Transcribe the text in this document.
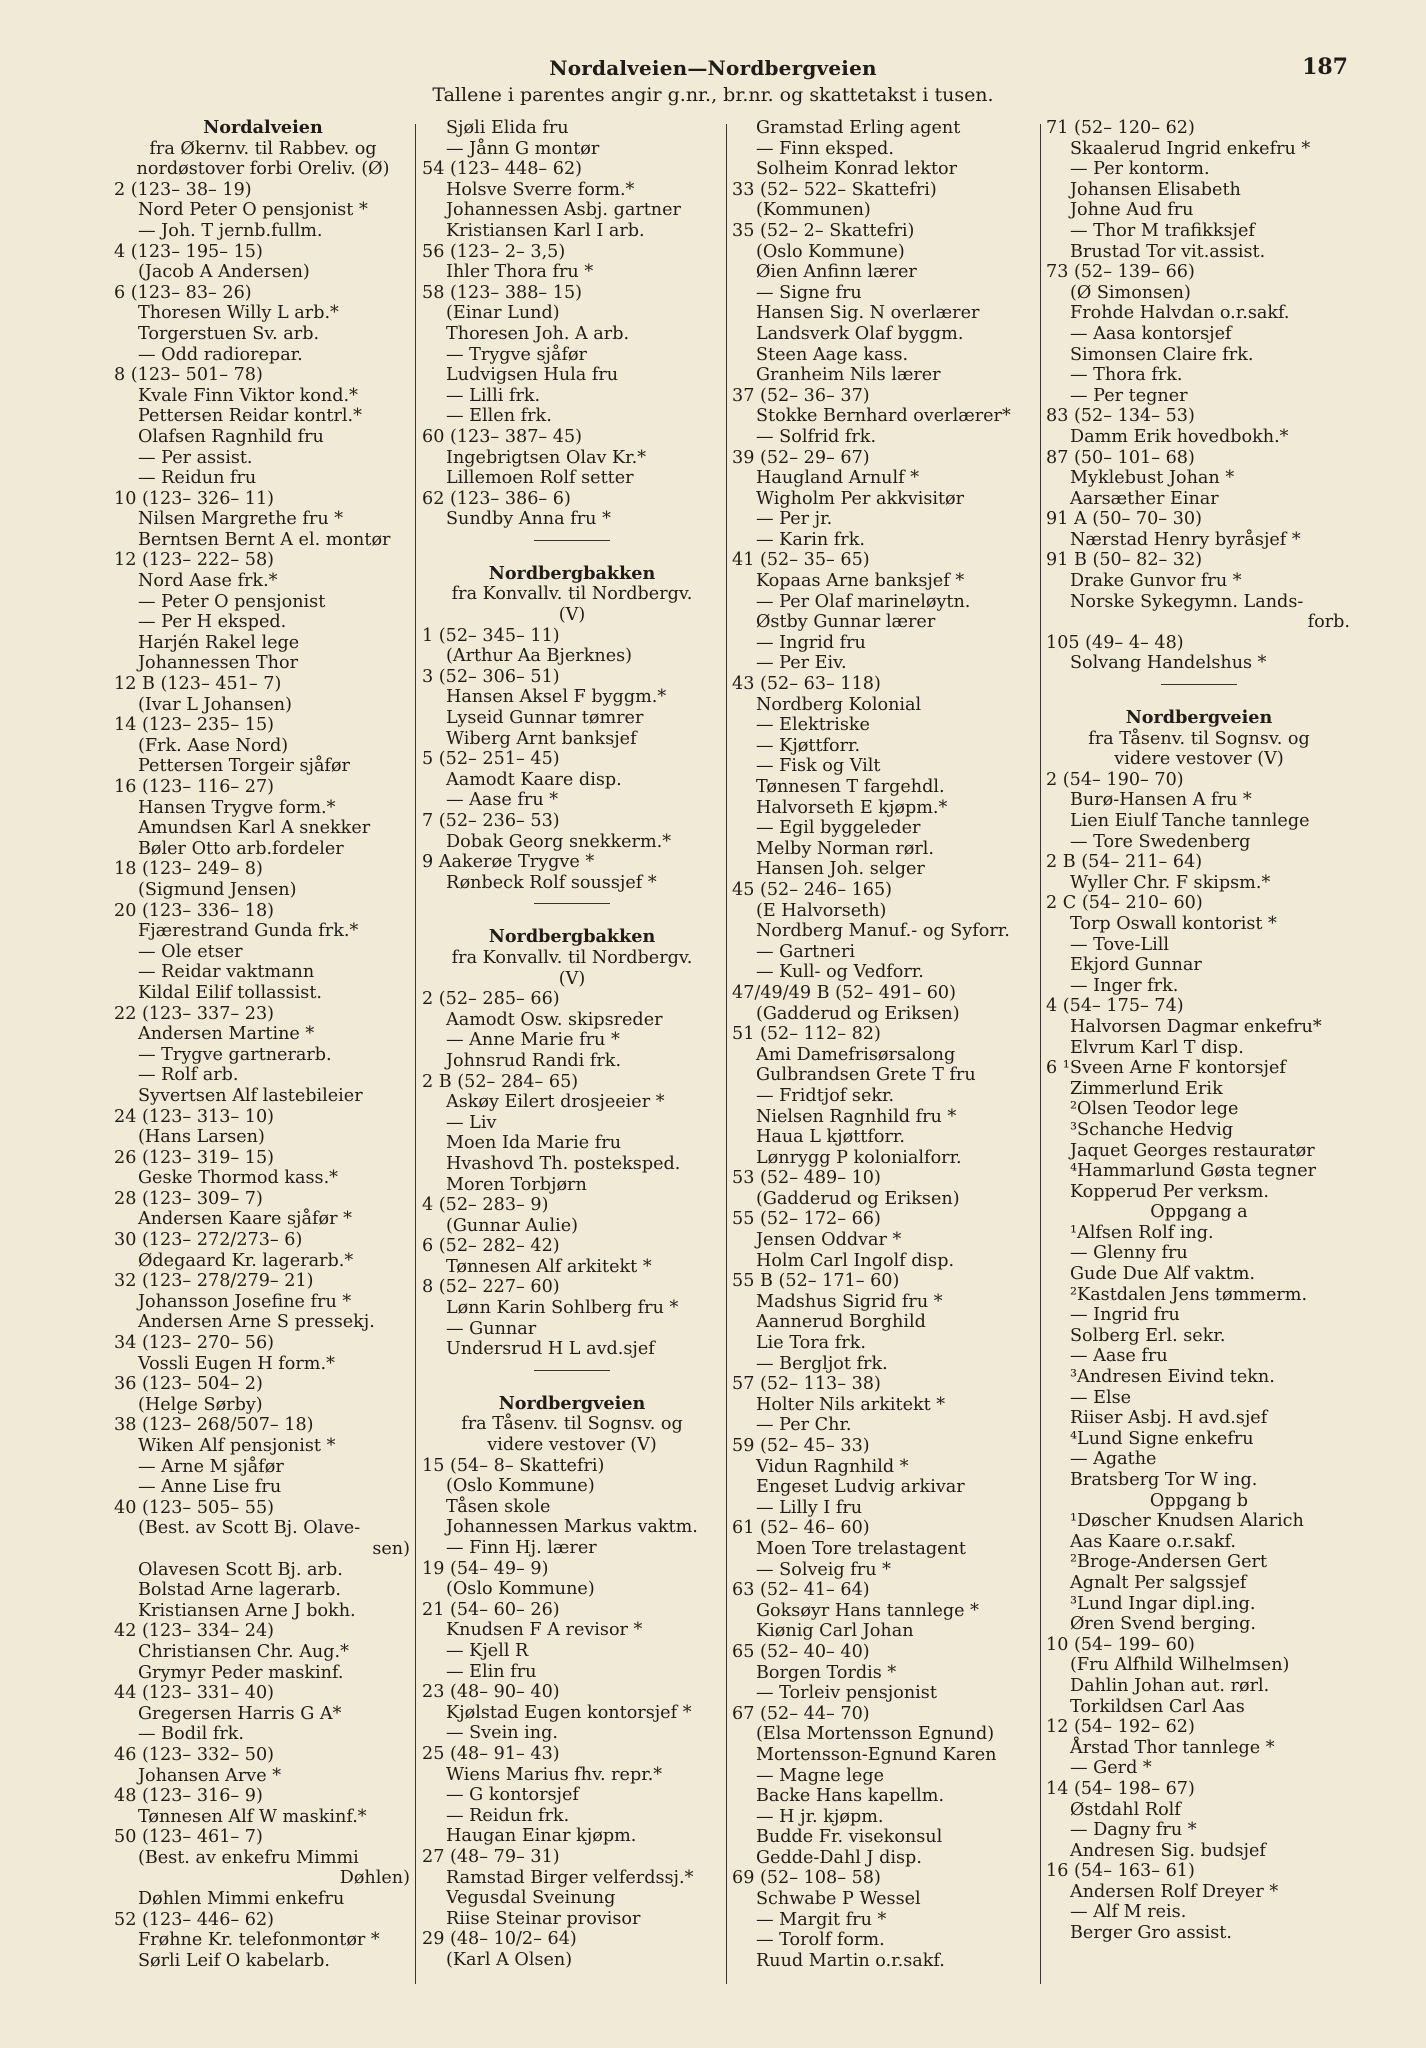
Nordalveien—Nordbergveien	187
Tallene i parentes angir g.nr., br.nr. og skattetakst i tusen.
Nordalveien
fra Økernv. til Rabbev. og
nordøstover forbi Oreliv. (Ø)
2 (123– 38– 19)
Nord Peter O pensjonist *
— Joh. T jernb.fullm.
4 (123– 195– 15)
(Jacob A Andersen)
6 (123– 83– 26)
Thoresen Willy L arb.*
Torgerstuen Sv. arb.
— Odd radiorepar.
8 (123– 501– 78)
Kvale Finn Viktor kond.*
Pettersen Reidar kontrl.*
Olafsen Ragnhild fru
— Per assist.
— Reidun fru
10 (123– 326– 11)
Nilsen Margrethe fru *
Berntsen Bernt A el. montør
12 (123– 222– 58)
Nord Aase frk.*
— Peter O pensjonist
— Per H eksped.
Harjén Rakel lege
Johannessen Thor
12 B (123– 451– 7)
(Ivar L Johansen)
14 (123– 235– 15)
(Frk. Aase Nord)
Pettersen Torgeir sjåfør
16 (123– 116– 27)
Hansen Trygve form.*
Amundsen Karl A snekker
Bøler Otto arb.fordeler
18 (123– 249– 8)
(Sigmund Jensen)
20 (123– 336– 18)
Fjærestrand Gunda frk.*
— Ole etser
— Reidar vaktmann
Kildal Eilif tollassist.
22 (123– 337– 23)
Andersen Martine *
— Trygve gartnerarb.
— Rolf arb.
Syvertsen Alf lastebileier
24 (123– 313– 10)
(Hans Larsen)
26 (123– 319– 15)
Geske Thormod kass.*
28 (123– 309– 7)
Andersen Kaare sjåfør *
30 (123– 272/273– 6)
Ødegaard Kr. lagerarb.*
32 (123– 278/279– 21)
Johansson Josefine fru *
Andersen Arne S pressekj.
34 (123– 270– 56)
Vossli Eugen H form.*
36 (123– 504– 2)
(Helge Sørby)
38 (123– 268/507– 18)
Wiken Alf pensjonist *
— Arne M sjåfør
— Anne Lise fru
40 (123– 505– 55)
(Best. av Scott Bj. Olave-
sen)
Olavesen Scott Bj. arb.
Bolstad Arne lagerarb.
Kristiansen Arne J bokh.
42 (123– 334– 24)
Christiansen Chr. Aug.*
Grymyr Peder maskinf.
44 (123– 331– 40)
Gregersen Harris G A*
— Bodil frk.
46 (123– 332– 50)
Johansen Arve *
48 (123– 316– 9)
Tønnesen Alf W maskinf.*
50 (123– 461– 7)
(Best. av enkefru Mimmi
Døhlen)
Døhlen Mimmi enkefru
52 (123– 446– 62)
Frøhne Kr. telefonmontør *
Sørli Leif O kabelarb.
Sjøli Elida fru
— Jånn G montør
54 (123– 448– 62)
Holsve Sverre form.*
Johannessen Asbj. gartner
Kristiansen Karl I arb.
56 (123– 2– 3,5)
Ihler Thora fru *
58 (123– 388– 15)
(Einar Lund)
Thoresen Joh. A arb.
— Trygve sjåfør
Ludvigsen Hula fru
— Lilli frk.
— Ellen frk.
60 (123– 387– 45)
Ingebrigtsen Olav Kr.*
Lillemoen Rolf setter
62 (123– 386– 6)
Sundby Anna fru *
Nordbergbakken
fra Konvallv. til Nordbergv.
(V)
1 (52– 345– 11)
(Arthur Aa Bjerknes)
3 (52– 306– 51)
Hansen Aksel F byggm.*
Lyseid Gunnar tømrer
Wiberg Arnt banksjef
5 (52– 251– 45)
Aamodt Kaare disp.
— Aase fru *
7 (52– 236– 53)
Dobak Georg snekkerm.*
9 Aakerøe Trygve *
Rønbeck Rolf soussjef *
Nordbergbakken
fra Konvallv. til Nordbergv.
(V)
2 (52– 285– 66)
Aamodt Osw. skipsreder
— Anne Marie fru *
Johnsrud Randi frk.
2 B (52– 284– 65)
Askøy Eilert drosjeeier *
— Liv
Moen Ida Marie fru
Hvashovd Th. posteksped.
Moren Torbjørn
4 (52– 283– 9)
(Gunnar Aulie)
6 (52– 282– 42)
Tønnesen Alf arkitekt *
8 (52– 227– 60)
Lønn Karin Sohlberg fru *
— Gunnar
Undersrud H L avd.sjef
Nordbergveien
fra Tåsenv. til Sognsv. og
videre vestover (V)
15 (54– 8– Skattefri)
(Oslo Kommune)
Tåsen skole
Johannessen Markus vaktm.
— Finn Hj. lærer
19 (54– 49– 9)
(Oslo Kommune)
21 (54– 60– 26)
Knudsen F A revisor *
— Kjell R
— Elin fru
23 (48– 90– 40)
Kjølstad Eugen kontorsjef *
— Svein ing.
25 (48– 91– 43)
Wiens Marius fhv. repr.*
— G kontorsjef
— Reidun frk.
Haugan Einar kjøpm.
27 (48– 79– 31)
Ramstad Birger velferdssj.*
Vegusdal Sveinung
Riise Steinar provisor
29 (48– 10/2– 64)
(Karl A Olsen)
Gramstad Erling agent
— Finn eksped.
Solheim Konrad lektor
33 (52– 522– Skattefri)
(Kommunen)
35 (52– 2– Skattefri)
(Oslo Kommune)
Øien Anfinn lærer
— Signe fru
Hansen Sig. N overlærer
Landsverk Olaf byggm.
Steen Aage kass.
Granheim Nils lærer
37 (52– 36– 37)
Stokke Bernhard overlærer*
— Solfrid frk.
39 (52– 29– 67)
Haugland Arnulf *
Wigholm Per akkvisitør
— Per jr.
— Karin frk.
41 (52– 35– 65)
Kopaas Arne banksjef *
— Per Olaf marineløytn.
Østby Gunnar lærer
— Ingrid fru
— Per Eiv.
43 (52– 63– 118)
Nordberg Kolonial
— Elektriske
— Kjøttforr.
— Fisk og Vilt
Tønnesen T fargehdl.
Halvorseth E kjøpm.*
— Egil byggeleder
Melby Norman rørl.
Hansen Joh. selger
45 (52– 246– 165)
(E Halvorseth)
Nordberg Manuf.- og Syforr.
— Gartneri
— Kull- og Vedforr.
47/49/49 B (52– 491– 60)
(Gadderud og Eriksen)
51 (52– 112– 82)
Ami Damefrisørsalong
Gulbrandsen Grete T fru
— Fridtjof sekr.
Nielsen Ragnhild fru *
Haua L kjøttforr.
Lønrygg P kolonialforr.
53 (52– 489– 10)
(Gadderud og Eriksen)
55 (52– 172– 66)
Jensen Oddvar *
Holm Carl Ingolf disp.
55 B (52– 171– 60)
Madshus Sigrid fru *
Aannerud Borghild
Lie Tora frk.
— Bergljot frk.
57 (52– 113– 38)
Holter Nils arkitekt *
— Per Chr.
59 (52– 45– 33)
Vidun Ragnhild *
Engeset Ludvig arkivar
— Lilly I fru
61 (52– 46– 60)
Moen Tore trelastagent
— Solveig fru *
63 (52– 41– 64)
Goksøyr Hans tannlege *
Kiønig Carl Johan
65 (52– 40– 40)
Borgen Tordis *
— Torleiv pensjonist
67 (52– 44– 70)
(Elsa Mortensson Egnund)
Mortensson-Egnund Karen
— Magne lege
Backe Hans kapellm.
— H jr. kjøpm.
Budde Fr. visekonsul
Gedde-Dahl J disp.
69 (52– 108– 58)
Schwabe P Wessel
— Margit fru *
— Torolf form.
Ruud Martin o.r.sakf.
71 (52– 120– 62)
Skaalerud Ingrid enkefru *
— Per kontorm.
Johansen Elisabeth
Johne Aud fru
— Thor M trafikksjef
Brustad Tor vit.assist.
73 (52– 139– 66)
(Ø Simonsen)
Frohde Halvdan o.r.sakf.
— Aasa kontorsjef
Simonsen Claire frk.
— Thora frk.
— Per tegner
83 (52– 134– 53)
Damm Erik hovedbokh.*
87 (50– 101– 68)
Myklebust Johan *
Aarsæther Einar
91 A (50– 70– 30)
Nærstad Henry byråsjef *
91 B (50– 82– 32)
Drake Gunvor fru *
Norske Sykegymn. Lands-
forb.
105 (49– 4– 48)
Solvang Handelshus *
Nordbergveien
fra Tåsenv. til Sognsv. og
videre vestover (V)
2 (54– 190– 70)
Burø-Hansen A fru *
Lien Eiulf Tanche tannlege
— Tore Swedenberg
2 B (54– 211– 64)
Wyller Chr. F skipsm.*
2 C (54– 210– 60)
Torp Oswall kontorist *
— Tove-Lill
Ekjord Gunnar
— Inger frk.
4 (54– 175– 74)
Halvorsen Dagmar enkefru*
Elvrum Karl T disp.
6 ¹Sveen Arne F kontorsjef
Zimmerlund Erik
²Olsen Teodor lege
³Schanche Hedvig
Jaquet Georges restauratør
⁴Hammarlund Gøsta tegner
Kopperud Per verksm.
Oppgang a
¹Alfsen Rolf ing.
— Glenny fru
Gude Due Alf vaktm.
²Kastdalen Jens tømmerm.
— Ingrid fru
Solberg Erl. sekr.
— Aase fru
³Andresen Eivind tekn.
— Else
Riiser Asbj. H avd.sjef
⁴Lund Signe enkefru
— Agathe
Bratsberg Tor W ing.
Oppgang b
¹Døscher Knudsen Alarich
Aas Kaare o.r.sakf.
²Broge-Andersen Gert
Agnalt Per salgssjef
³Lund Ingar dipl.ing.
Øren Svend berging.
10 (54– 199– 60)
(Fru Alfhild Wilhelmsen)
Dahlin Johan aut. rørl.
Torkildsen Carl Aas
12 (54– 192– 62)
Årstad Thor tannlege *
— Gerd *
14 (54– 198– 67)
Østdahl Rolf
— Dagny fru *
Andresen Sig. budsjef
16 (54– 163– 61)
Andersen Rolf Dreyer *
— Alf M reis.
Berger Gro assist.
